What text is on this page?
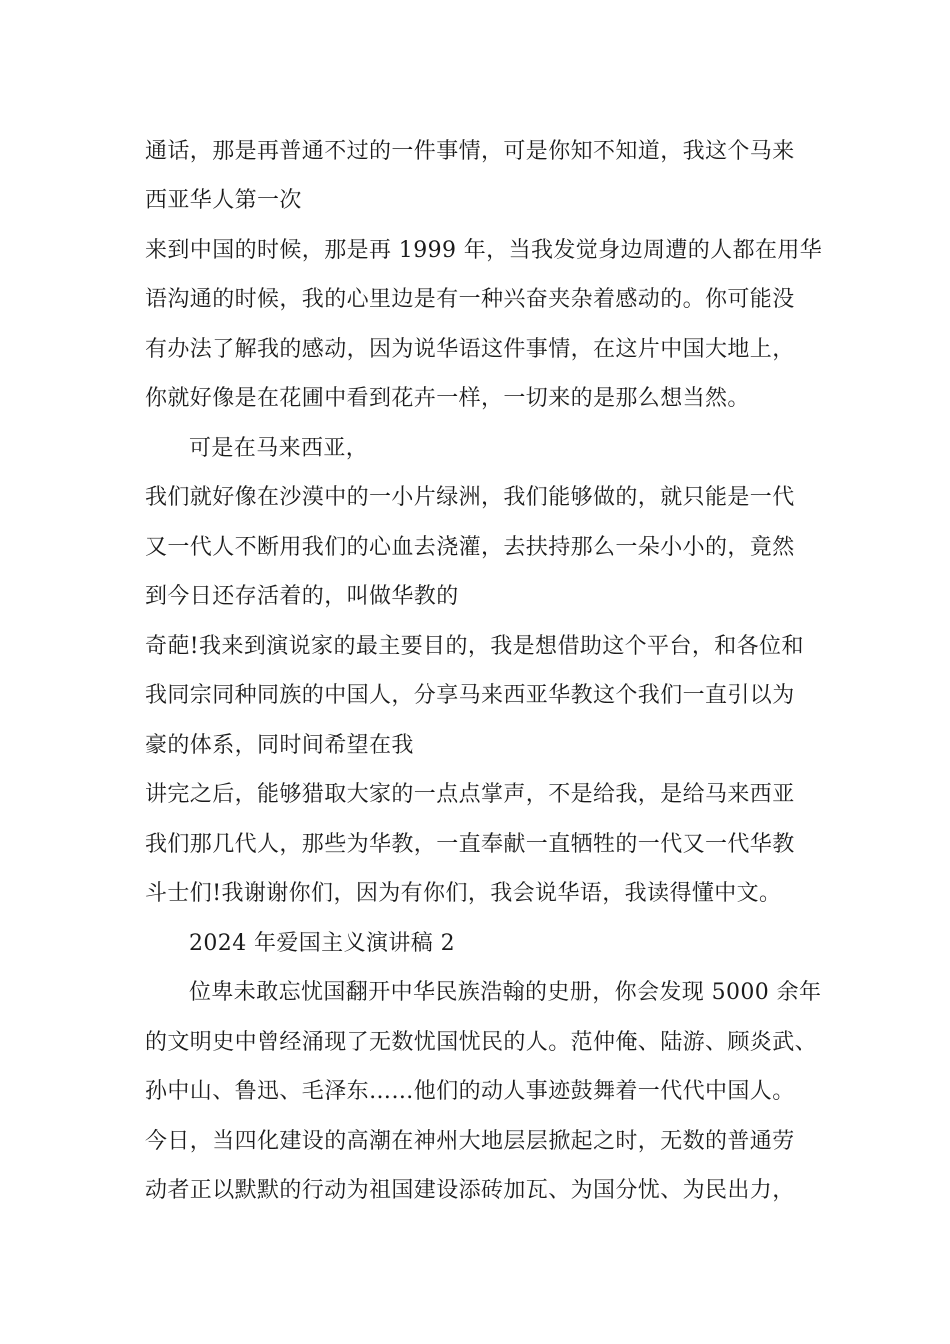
通话，那是再普通不过的一件事情，可是你知不知道，我这个马来

西亚华人第一次

来到中国的时候，那是再 1999 年，当我发觉身边周遭的人都在用华

语沟通的时候，我的心里边是有一种兴奋夹杂着感动的。你可能没

有办法了解我的感动，因为说华语这件事情，在这片中国大地上，

你就好像是在花圃中看到花卉一样，一切来的是那么想当然。

可是在马来西亚，

我们就好像在沙漠中的一小片绿洲，我们能够做的，就只能是一代

又一代人不断用我们的心血去浇灌，去扶持那么一朵小小的，竟然

到今日还存活着的，叫做华教的

奇葩!我来到演说家的最主要目的，我是想借助这个平台，和各位和

我同宗同种同族的中国人，分享马来西亚华教这个我们一直引以为

豪的体系，同时间希望在我

讲完之后，能够猎取大家的一点点掌声，不是给我，是给马来西亚

我们那几代人，那些为华教，一直奉献一直牺牲的一代又一代华教

斗士们!我谢谢你们，因为有你们，我会说华语，我读得懂中文。

2024 年爱国主义演讲稿 2

位卑未敢忘忧国翻开中华民族浩翰的史册，你会发现 5000 余年

的文明史中曾经涌现了无数忧国忧民的人。范仲俺、陆游、顾炎武、

孙中山、鲁迅、毛泽东……他们的动人事迹鼓舞着一代代中国人。

今日，当四化建设的高潮在神州大地层层掀起之时，无数的普通劳

动者正以默默的行动为祖国建设添砖加瓦、为国分忧、为民出力，
